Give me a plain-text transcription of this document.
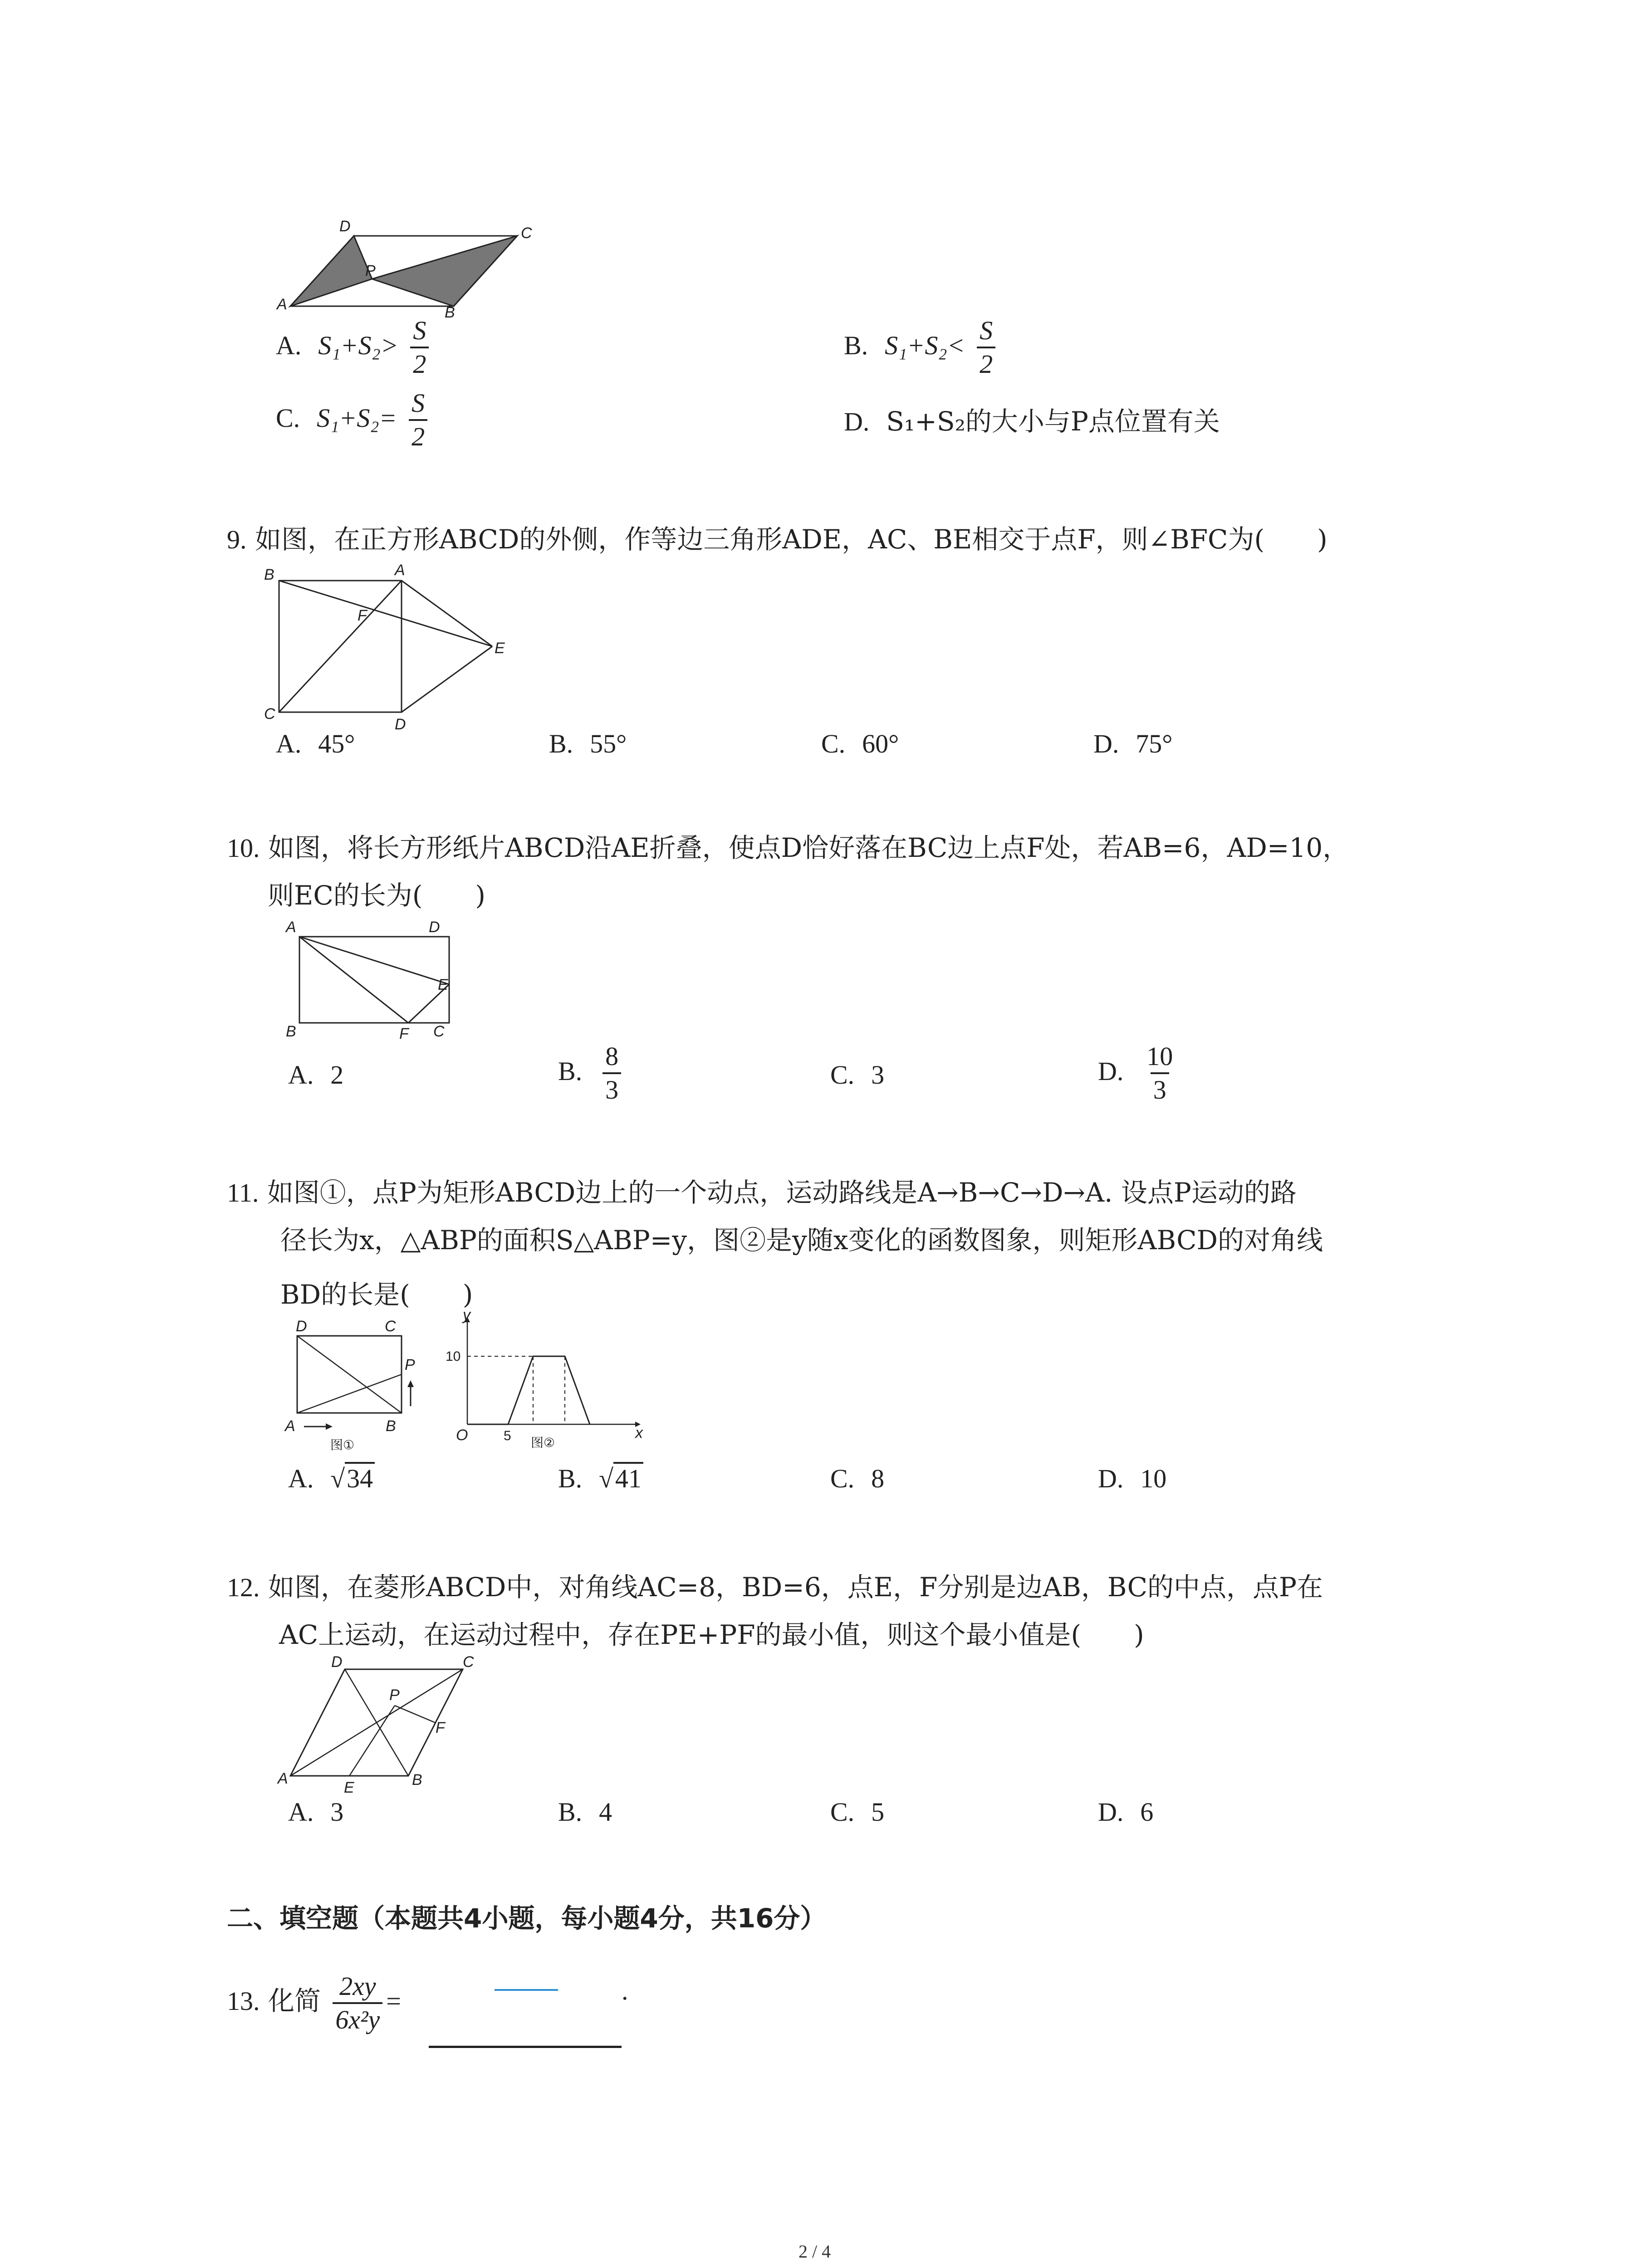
D	C
A	B
P
A. $S_1+S_2> \frac{S}{2}$	B. $S_1+S_2< \frac{S}{2}$
C. $S_1+S_2= \frac{S}{2}$	D. S₁+S₂的大小与P点位置有关
9. 如图，在正方形ABCD的外侧，作等边三角形ADE，AC、BE相交于点F，则∠BFC为(　　)
B	A
E
C
D
F
A. 45°	B. 55°	C. 60°	D. 75°
10. 如图，将长方形纸片ABCD沿AE折叠，使点D恰好落在BC边上点F处，若AB=6，AD=10，
则EC的长为(　　)
A	D
E
B	F C
A. 2	B. $\frac{8}{3}$	C. 3	D. $\frac{10}{3}$
11. 如图①，点P为矩形ABCD边上的一个动点，运动路线是A→B→C→D→A. 设点P运动的路
径长为x，△ABP的面积S△ABP=y，图②是y随x变化的函数图象，则矩形ABCD的对角线
BD的长是(　　)
D	C
P
A	B
图①
y
10
O	5	x
图②
A. √34	B. √41	C. 8	D. 10
12. 如图，在菱形ABCD中，对角线AC=8，BD=6，点E，F分别是边AB，BC的中点，点P在
AC上运动，在运动过程中，存在PE+PF的最小值，则这个最小值是(　　)
A
D	C
P
F
E	B
A. 3	B. 4	C. 5	D. 6
二、填空题（本题共4小题，每小题4分，共16分）
13. 化简 $\frac{2xy}{\text{6x²y}}$ =	.
2 / 4
